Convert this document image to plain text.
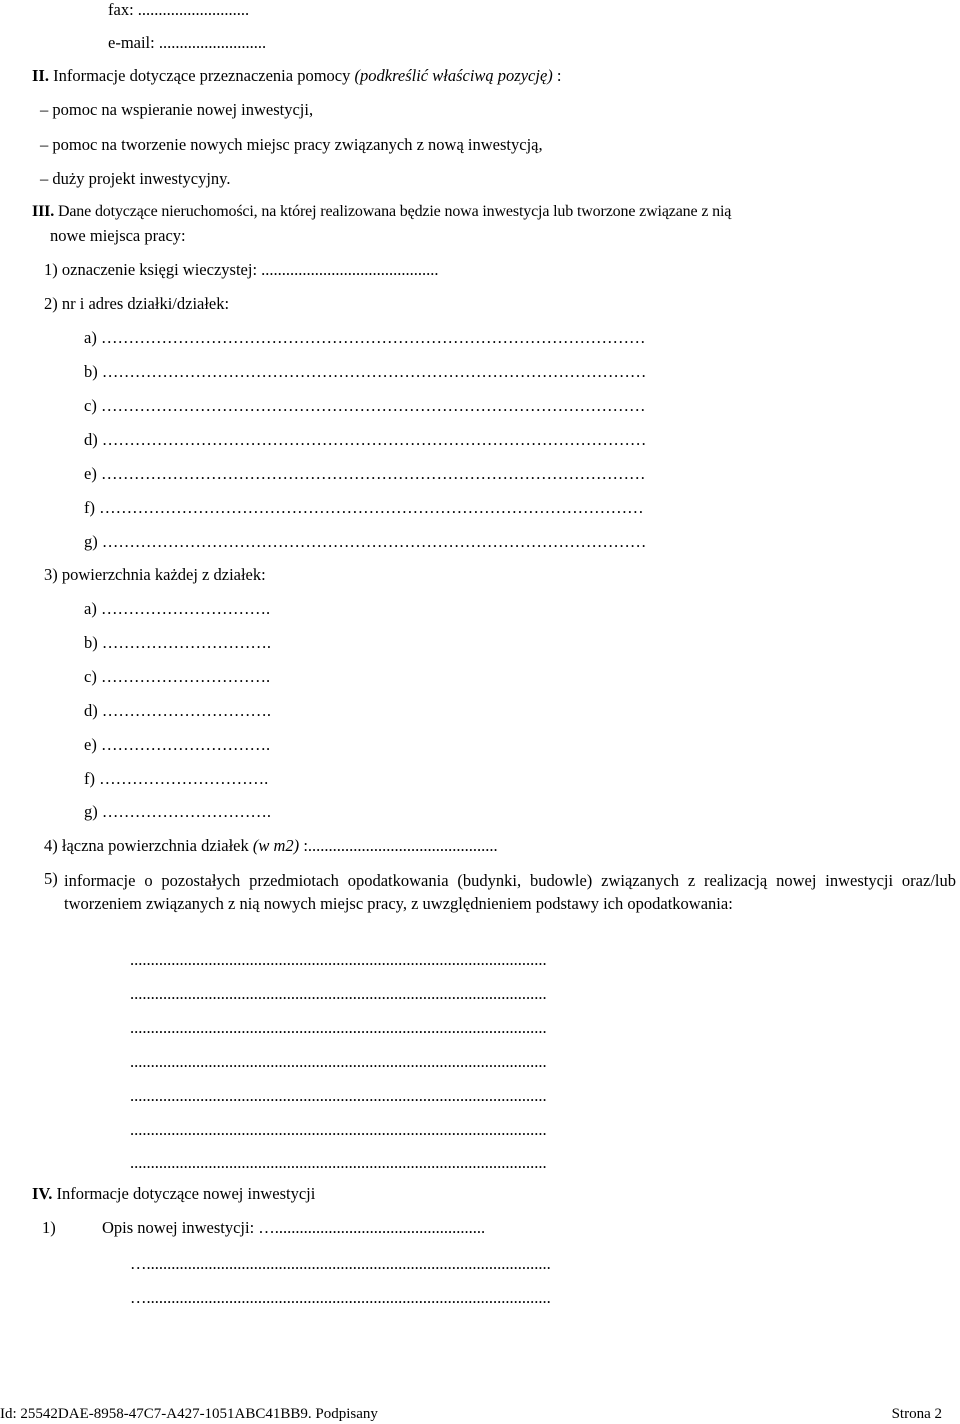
fax: ...........................
e-mail: ..........................
II. Informacje dotyczące przeznaczenia pomocy (podkreślić właściwą pozycję) :
– pomoc na wspieranie nowej inwestycji,
– pomoc na tworzenie nowych miejsc pracy związanych z nową inwestycją,
– duży projekt inwestycyjny.
III. Dane dotyczące nieruchomości, na której realizowana będzie nowa inwestycja lub tworzone związane z nią
nowe miejsca pracy:
1) oznaczenie księgi wieczystej: ...........................................
2) nr i adres działki/działek:
a) ………………………………………………………………………………………
b) ………………………………………………………………………………………
c) ………………………………………………………………………………………
d) ………………………………………………………………………………………
e) ………………………………………………………………………………………
f) ………………………………………………………………………………………
g) ………………………………………………………………………………………
3) powierzchnia każdej z działek:
a) ………………………….
b) ………………………….
c) ………………………….
d) ………………………….
e) ………………………….
f) ………………………….
g) ………………………….
4) łączna powierzchnia działek (w m2) :..............................................
5) informacje o pozostałych przedmiotach opodatkowania (budynki, budowle) związanych z realizacją nowej inwestycji oraz/lub tworzeniem związanych z nią nowych miejsc pracy, z uwzględnieniem podstawy ich opodatkowania:
.....................................................................................................
.....................................................................................................
.....................................................................................................
.....................................................................................................
.....................................................................................................
.....................................................................................................
.....................................................................................................
IV. Informacje dotyczące nowej inwestycji
1)	Opis nowej inwestycji: …...................................................
…..................................................................................................
…..................................................................................................
Id: 25542DAE-8958-47C7-A427-1051ABC41BB9. Podpisany	Strona 2
